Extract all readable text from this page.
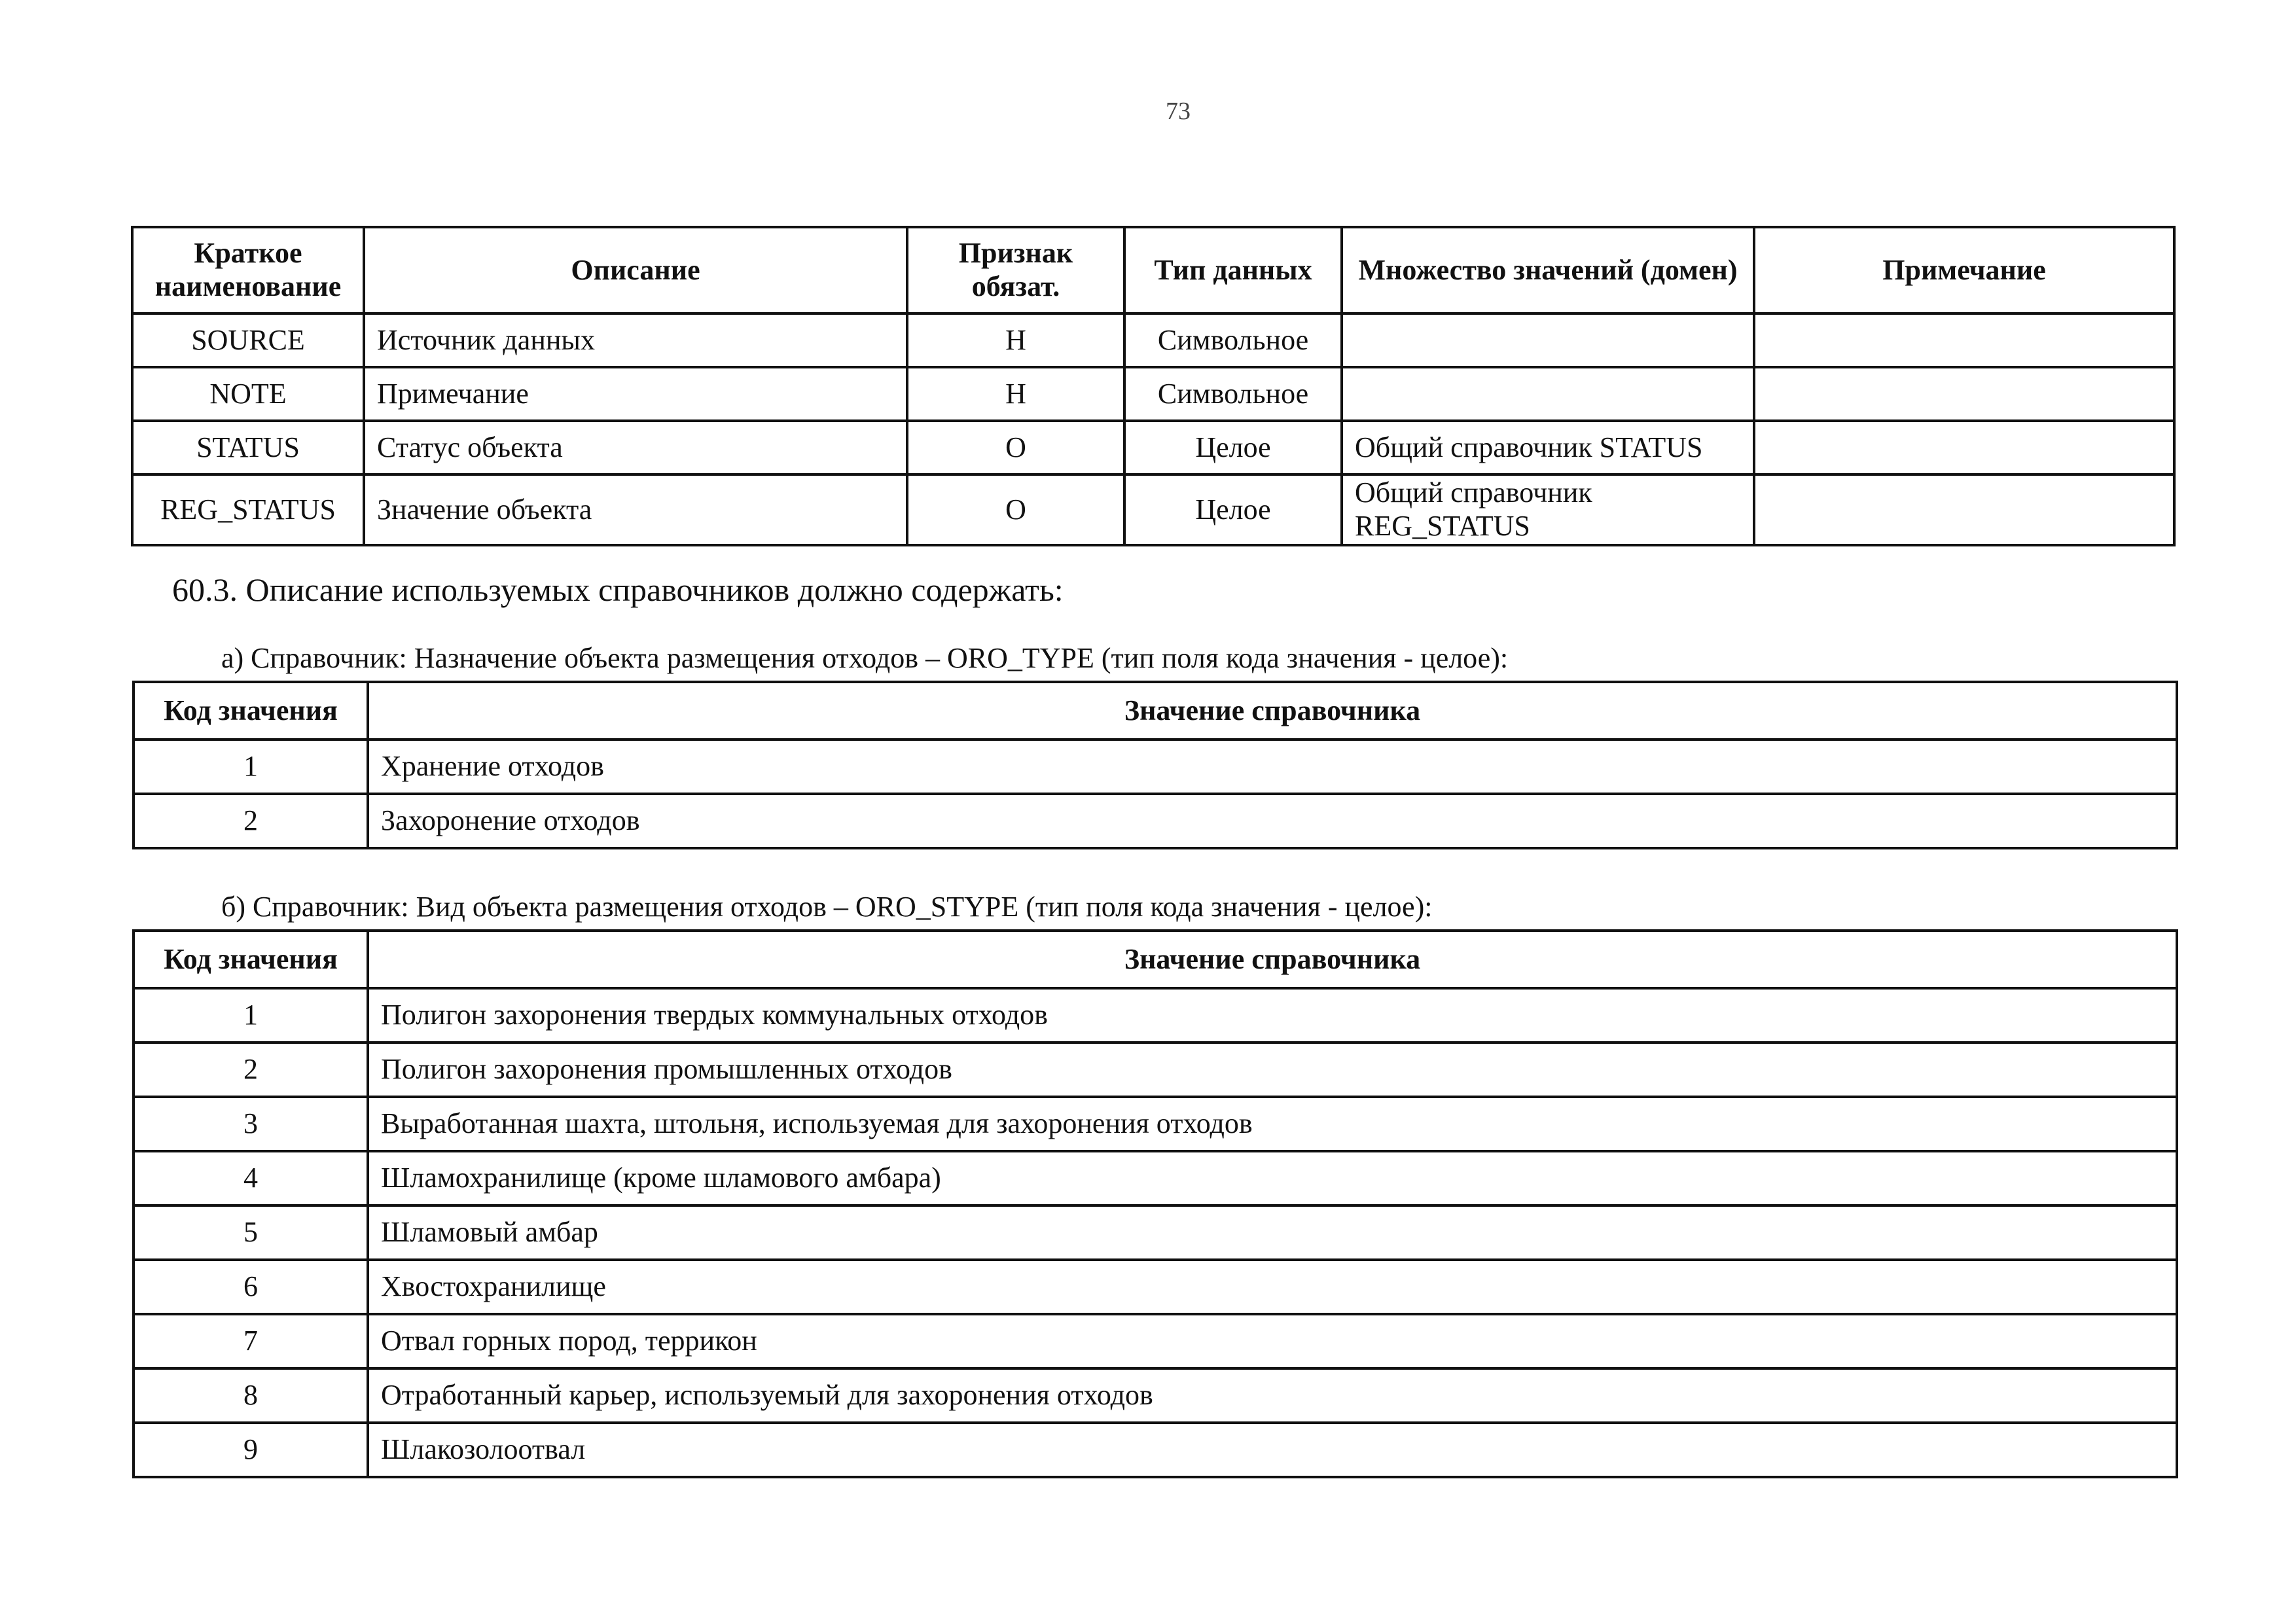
73
Краткое наименование	Описание	Признак обязат.	Тип данных	Множество значений (домен)	Примечание
SOURCE	Источник данных	Н	Символьное		
NOTE	Примечание	Н	Символьное		
STATUS	Статус объекта	О	Целое	Общий справочник STATUS	
REG_STATUS	Значение объекта	О	Целое	Общий справочник REG_STATUS	
60.3. Описание используемых справочников должно содержать:
а) Справочник: Назначение объекта размещения отходов – ORO_TYPE (тип поля кода значения - целое):
Код значения	Значение справочника
1	Хранение отходов
2	Захоронение отходов
б) Справочник: Вид объекта размещения отходов – ORO_STYPE (тип поля кода значения - целое):
Код значения	Значение справочника
1	Полигон захоронения твердых коммунальных отходов
2	Полигон захоронения промышленных отходов
3	Выработанная шахта, штольня, используемая для захоронения отходов
4	Шламохранилище (кроме шламового амбара)
5	Шламовый амбар
6	Хвостохранилище
7	Отвал горных пород, террикон
8	Отработанный карьер, используемый для захоронения отходов
9	Шлакозолоотвал
